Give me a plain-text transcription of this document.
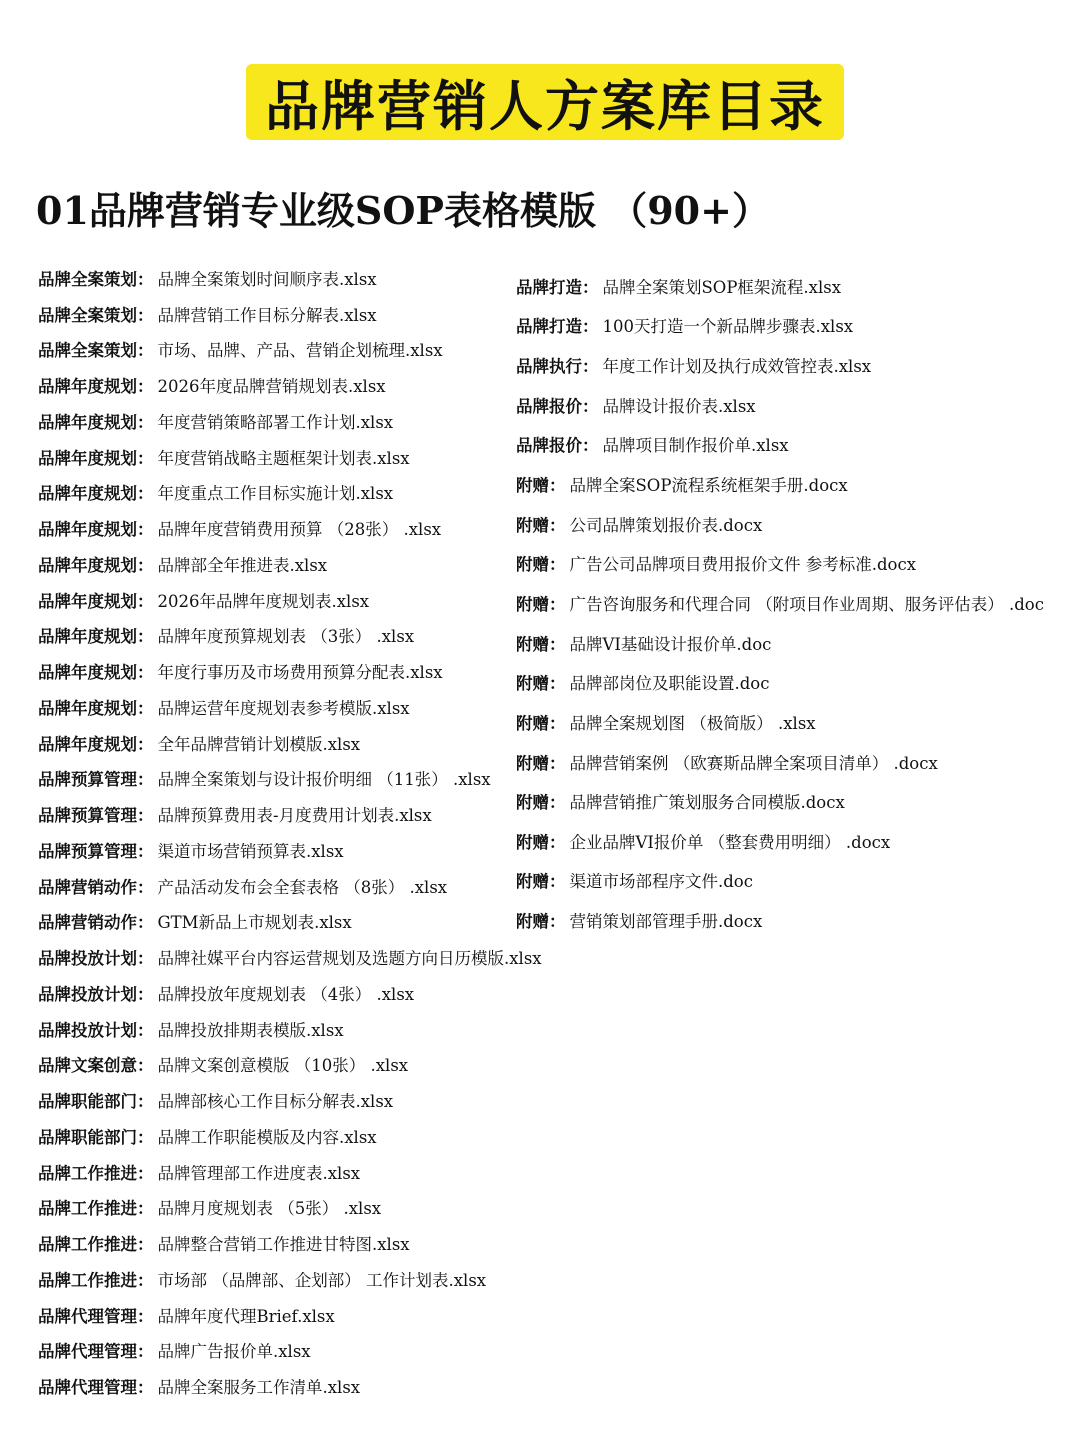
品牌营销人方案库目录
01品牌营销专业级SOP表格模版 （90+）
品牌全案策划 ： 品牌全案策划时间顺序表.xlsx
品牌全案策划 ： 品牌营销工作目标分解表.xlsx
品牌全案策划 ： 市场、品牌、产品、营销企划梳理.xlsx
品牌年度规划 ： 2026年度品牌营销规划表.xlsx
品牌年度规划 ： 年度营销策略部署工作计划.xlsx
品牌年度规划 ： 年度营销战略主题框架计划表.xlsx
品牌年度规划 ： 年度重点工作目标实施计划.xlsx
品牌年度规划 ： 品牌年度营销费用预算 （28张） .xlsx
品牌年度规划 ： 品牌部全年推进表.xlsx
品牌年度规划 ： 2026年品牌年度规划表.xlsx
品牌年度规划 ： 品牌年度预算规划表 （3张） .xlsx
品牌年度规划 ： 年度行事历及市场费用预算分配表.xlsx
品牌年度规划 ： 品牌运营年度规划表参考模版.xlsx
品牌年度规划 ： 全年品牌营销计划模版.xlsx
品牌预算管理 ： 品牌全案策划与设计报价明细 （11张） .xlsx
品牌预算管理 ： 品牌预算费用表-月度费用计划表.xlsx
品牌预算管理 ： 渠道市场营销预算表.xlsx
品牌营销动作 ： 产品活动发布会全套表格 （8张） .xlsx
品牌营销动作 ： GTM新品上市规划表.xlsx
品牌投放计划 ： 品牌社媒平台内容运营规划及选题方向日历模版.xlsx
品牌投放计划 ： 品牌投放年度规划表 （4张） .xlsx
品牌投放计划 ： 品牌投放排期表模版.xlsx
品牌文案创意 ： 品牌文案创意模版 （10张） .xlsx
品牌职能部门 ： 品牌部核心工作目标分解表.xlsx
品牌职能部门 ： 品牌工作职能模版及内容.xlsx
品牌工作推进 ： 品牌管理部工作进度表.xlsx
品牌工作推进 ： 品牌月度规划表 （5张） .xlsx
品牌工作推进 ： 品牌整合营销工作推进甘特图.xlsx
品牌工作推进 ： 市场部 （品牌部、企划部） 工作计划表.xlsx
品牌代理管理 ： 品牌年度代理Brief.xlsx
品牌代理管理 ： 品牌广告报价单.xlsx
品牌代理管理 ： 品牌全案服务工作清单.xlsx
品牌打造 ： 品牌全案策划SOP框架流程.xlsx
品牌打造 ： 100天打造一个新品牌步骤表.xlsx
品牌执行 ： 年度工作计划及执行成效管控表.xlsx
品牌报价 ： 品牌设计报价表.xlsx
品牌报价 ： 品牌项目制作报价单.xlsx
附赠 ： 品牌全案SOP流程系统框架手册.docx
附赠 ： 公司品牌策划报价表.docx
附赠 ： 广告公司品牌项目费用报价文件 参考标准.docx
附赠 ： 广告咨询服务和代理合同 （附项目作业周期、服务评估表） .doc
附赠 ： 品牌VI基础设计报价单.doc
附赠 ： 品牌部岗位及职能设置.doc
附赠 ： 品牌全案规划图 （极简版） .xlsx
附赠 ： 品牌营销案例 （欧赛斯品牌全案项目清单） .docx
附赠 ： 品牌营销推广策划服务合同模版.docx
附赠 ： 企业品牌VI报价单 （整套费用明细） .docx
附赠 ： 渠道市场部程序文件.doc
附赠 ： 营销策划部管理手册.docx
